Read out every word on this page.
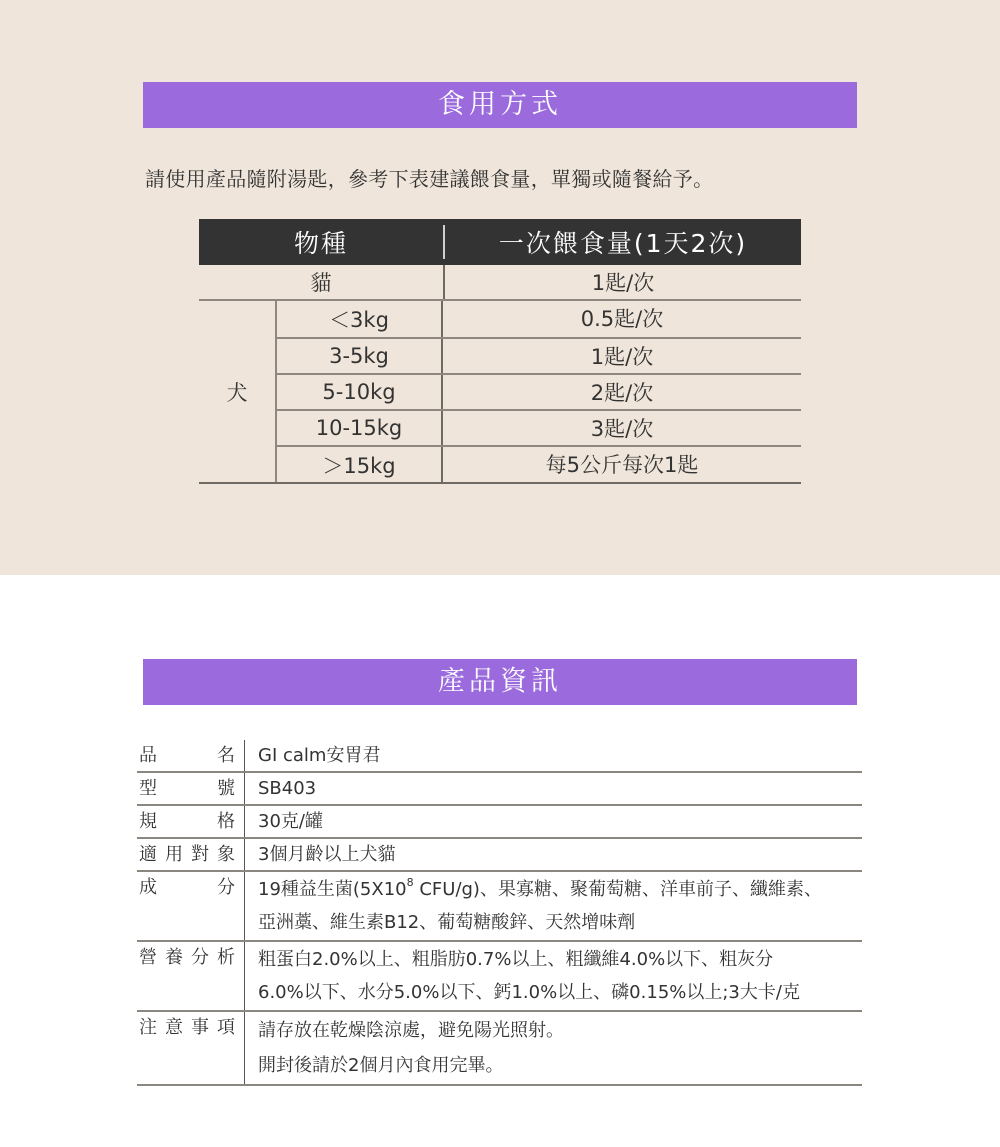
食用方式
請使用產品隨附湯匙，參考下表建議餵食量，單獨或隨餐給予。
物種	一次餵食量(1天2次)
貓	1匙/次
犬
＜3kg	0.5匙/次
3-5kg	1匙/次
5-10kg	2匙/次
10-15kg	3匙/次
＞15kg	每5公斤每次1匙
產品資訊
品	名	GI calm安胃君
型	號	SB403
規	格	30克/罐
適 用 對 象	3個月齡以上犬貓
成	分 19種益生菌($5X10^8$ CFU/g)、果寡糖、聚葡萄糖、洋車前子、纖維素、
亞洲藁、維生素B12、葡萄糖酸鋅、天然增味劑
營 養 分 析 粗蛋白2.0%以上、粗脂肪0.7%以上、粗纖維4.0%以下、粗灰分
6.0%以下、水分5.0%以下、鈣1.0%以上、磷0.15%以上;3大卡/克
注 意 事 項 請存放在乾燥陰涼處，避免陽光照射。
開封後請於2個月內食用完畢。
